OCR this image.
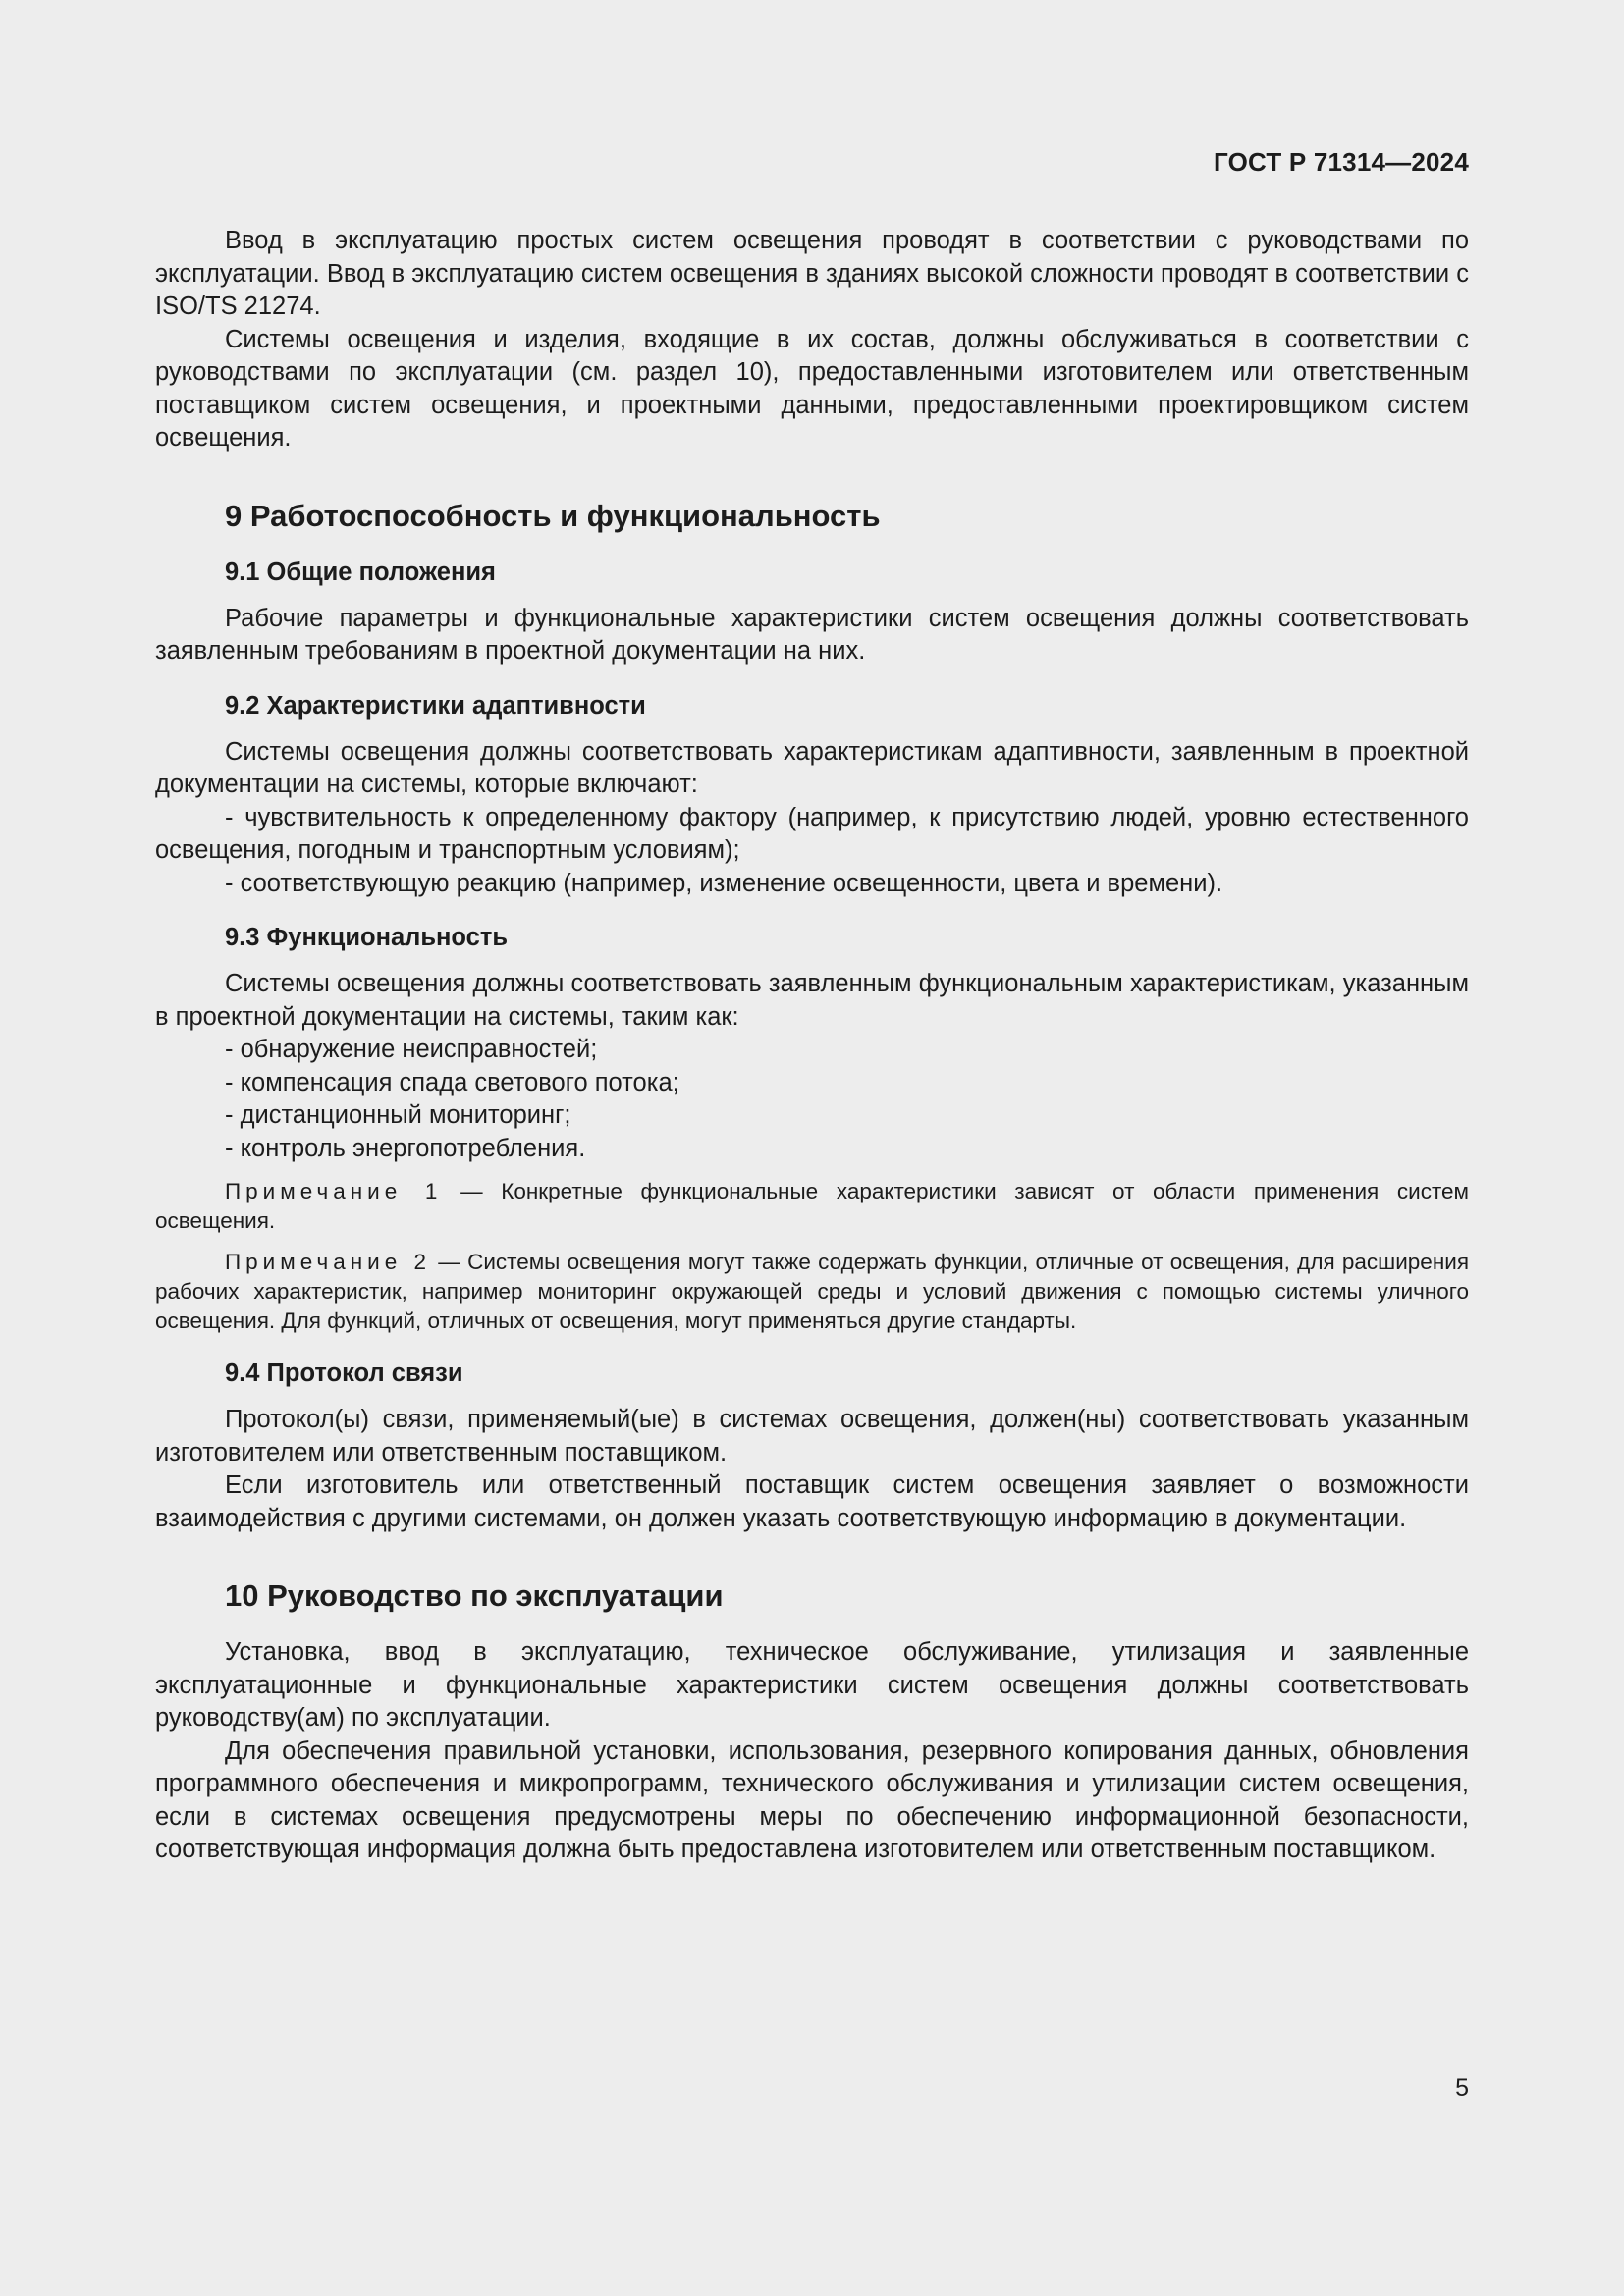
ГОСТ Р 71314—2024

Ввод в эксплуатацию простых систем освещения проводят в соответствии с руководствами по эксплуатации. Ввод в эксплуатацию систем освещения в зданиях высокой сложности проводят в соответствии с ISO/TS 21274.

Системы освещения и изделия, входящие в их состав, должны обслуживаться в соответствии с руководствами по эксплуатации (см. раздел 10), предоставленными изготовителем или ответственным поставщиком систем освещения, и проектными данными, предоставленными проектировщиком систем освещения.

9 Работоспособность и функциональность
9.1 Общие положения

Рабочие параметры и функциональные характеристики систем освещения должны соответствовать заявленным требованиям в проектной документации на них.

9.2 Характеристики адаптивности

Системы освещения должны соответствовать характеристикам адаптивности, заявленным в проектной документации на системы, которые включают:

- чувствительность к определенному фактору (например, к присутствию людей, уровню естественного освещения, погодным и транспортным условиям);

- соответствующую реакцию (например, изменение освещенности, цвета и времени).

9.3 Функциональность

Системы освещения должны соответствовать заявленным функциональным характеристикам, указанным в проектной документации на системы, таким как:

- обнаружение неисправностей;

- компенсация спада светового потока;

- дистанционный мониторинг;

- контроль энергопотребления.

Примечание 1 — Конкретные функциональные характеристики зависят от области применения систем освещения.

Примечание 2 — Системы освещения могут также содержать функции, отличные от освещения, для расширения рабочих характеристик, например мониторинг окружающей среды и условий движения с помощью системы уличного освещения. Для функций, отличных от освещения, могут применяться другие стандарты.

9.4 Протокол связи

Протокол(ы) связи, применяемый(ые) в системах освещения, должен(ны) соответствовать указанным изготовителем или ответственным поставщиком.

Если изготовитель или ответственный поставщик систем освещения заявляет о возможности взаимодействия с другими системами, он должен указать соответствующую информацию в документации.

10 Руководство по эксплуатации

Установка, ввод в эксплуатацию, техническое обслуживание, утилизация и заявленные эксплуатационные и функциональные характеристики систем освещения должны соответствовать руководству(ам) по эксплуатации.

Для обеспечения правильной установки, использования, резервного копирования данных, обновления программного обеспечения и микропрограмм, технического обслуживания и утилизации систем освещения, если в системах освещения предусмотрены меры по обеспечению информационной безопасности, соответствующая информация должна быть предоставлена изготовителем или ответственным поставщиком.

5
